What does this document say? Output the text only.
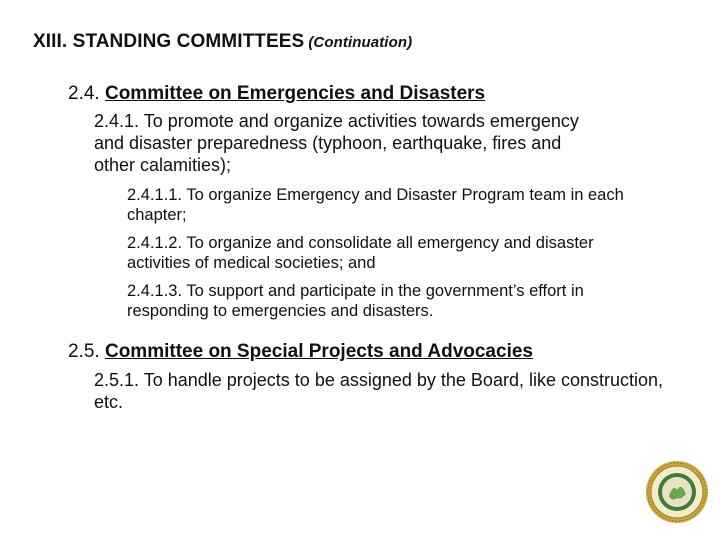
XIII. STANDING COMMITTEES (Continuation)
2.4. Committee on Emergencies and Disasters
2.4.1. To promote and organize activities towards emergency and disaster preparedness (typhoon, earthquake, fires and other calamities);
2.4.1.1. To organize Emergency and Disaster Program team in each chapter;
2.4.1.2. To organize and consolidate all emergency and disaster activities of medical societies; and
2.4.1.3. To support and participate in the government’s effort in responding to emergencies and disasters.
2.5. Committee on Special Projects and Advocacies
2.5.1. To handle projects to be assigned by the Board, like construction, etc.
